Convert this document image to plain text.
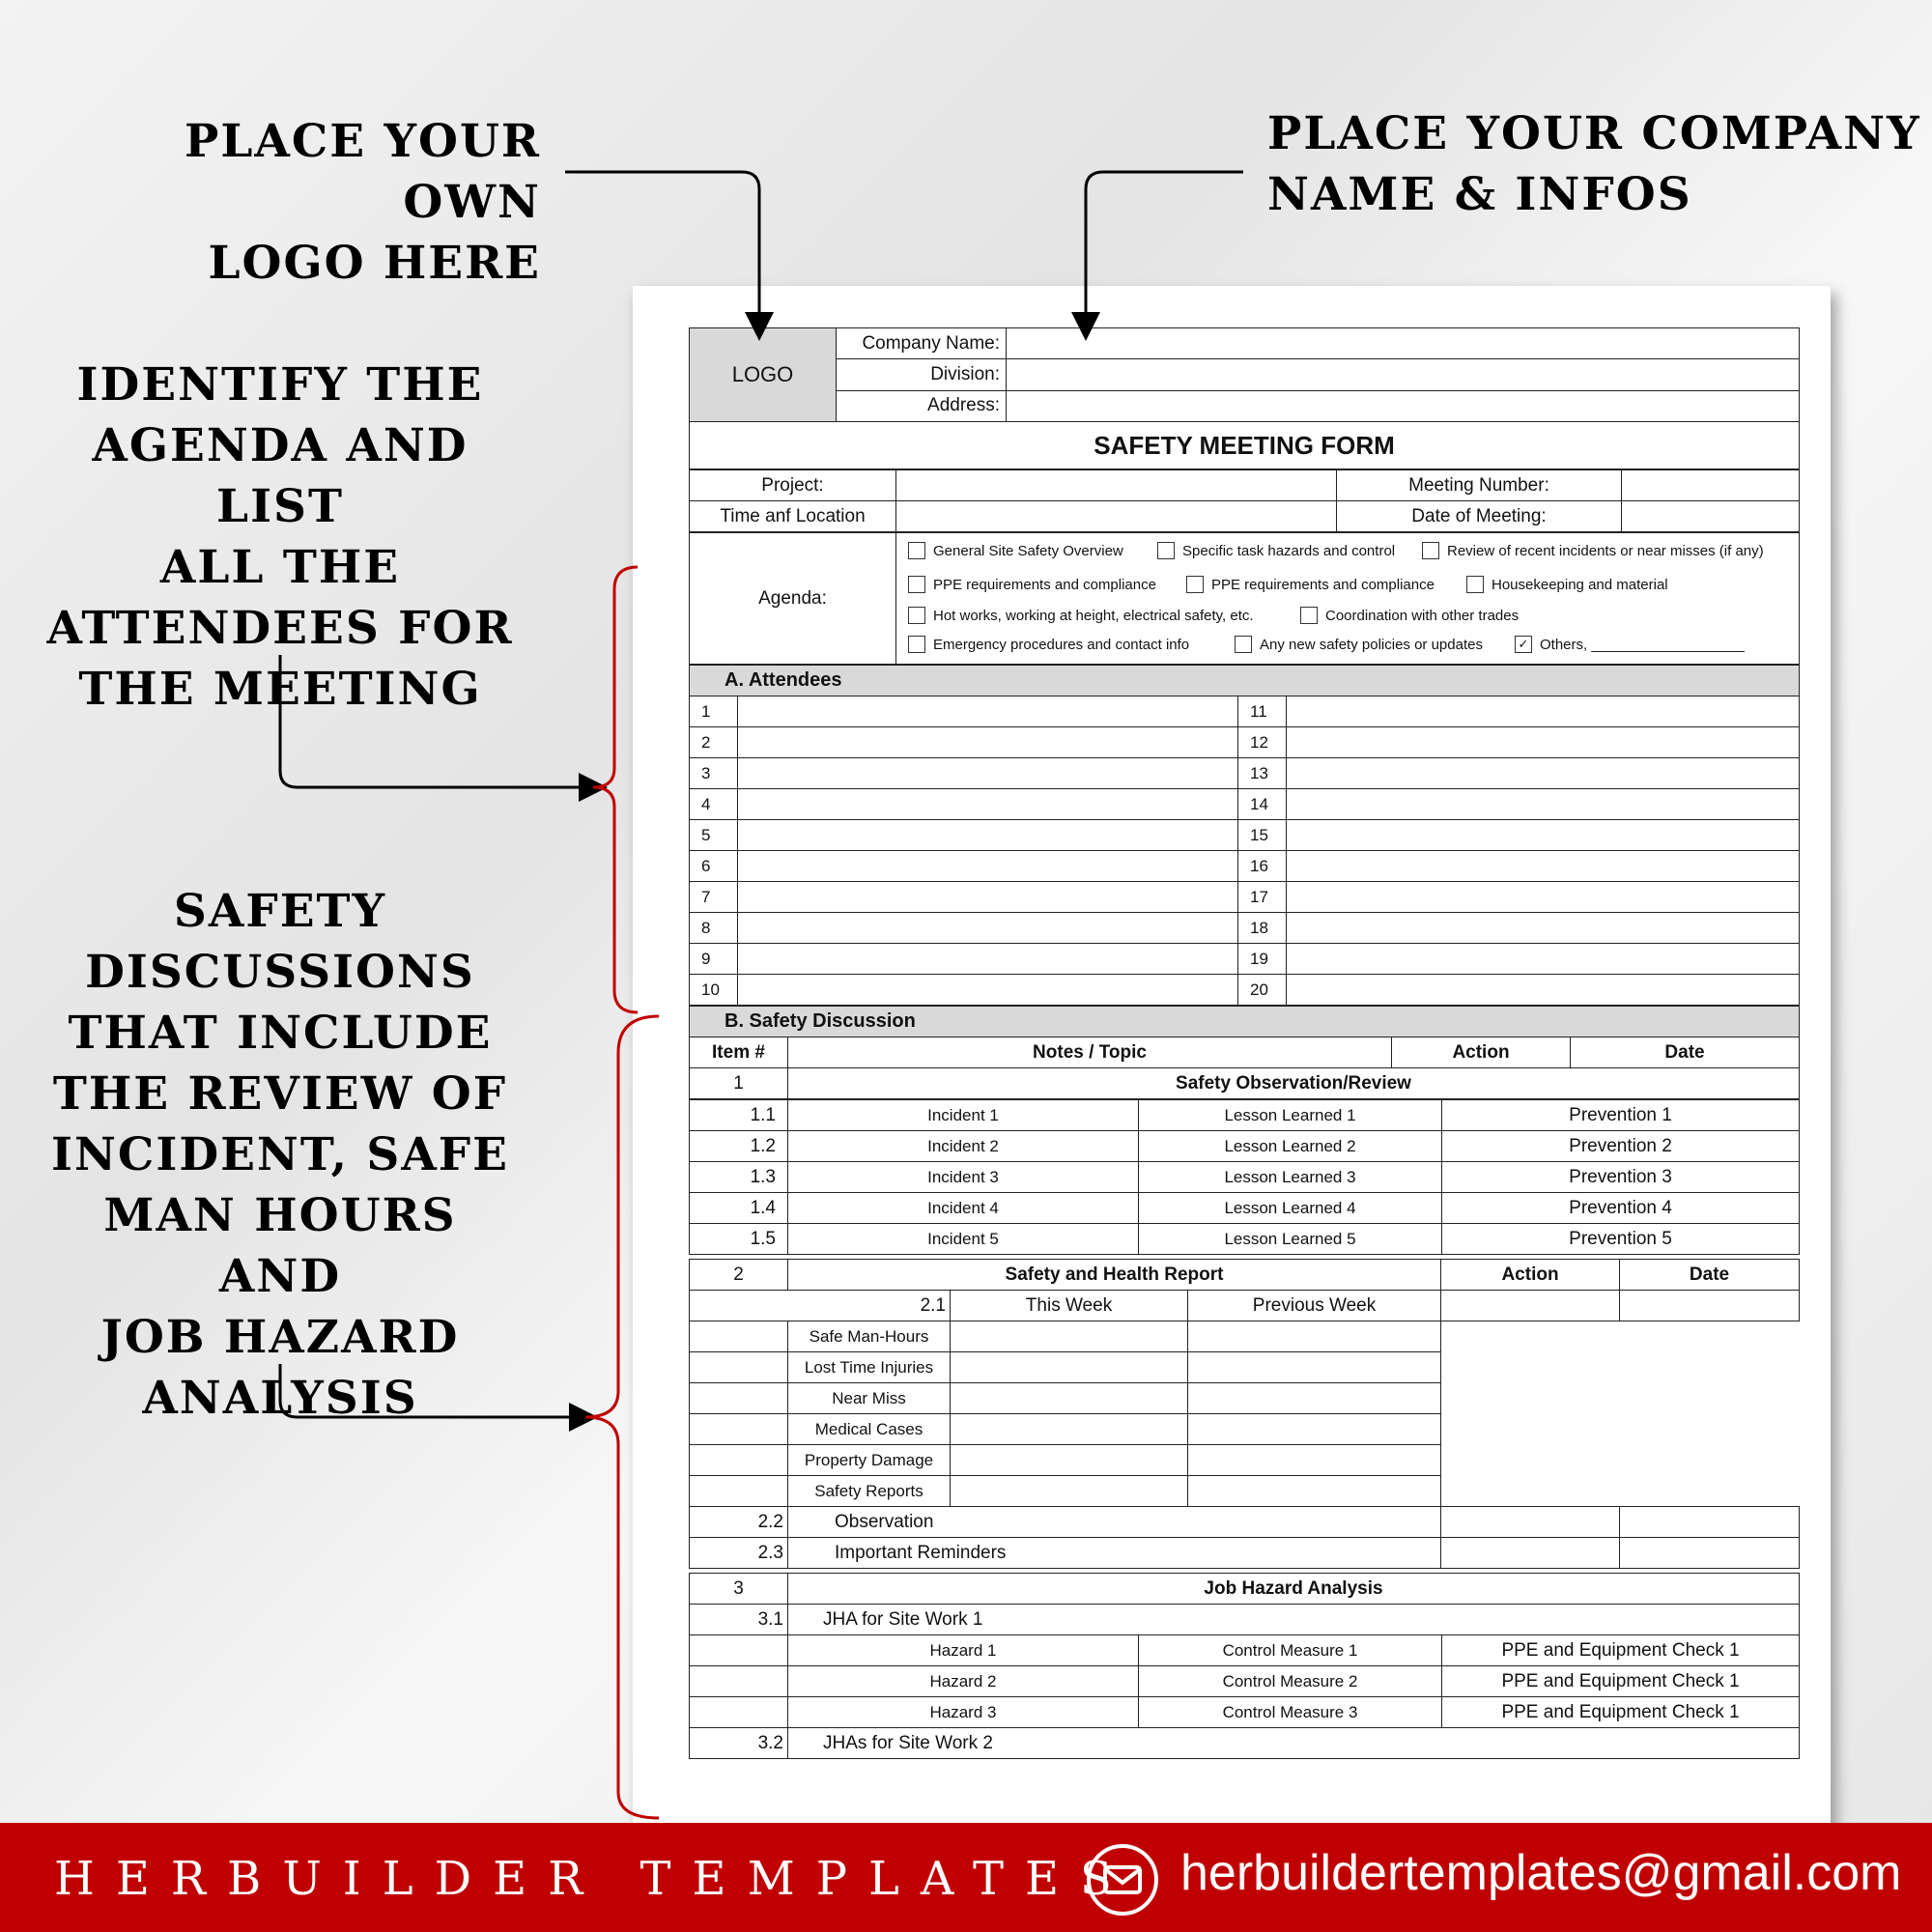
PLACE YOUR OWN
LOGO HERE
PLACE YOUR COMPANY
NAME & INFOS
IDENTIFY THE
AGENDA AND LIST
ALL THE
ATTENDEES FOR
THE MEETING
SAFETY
DISCUSSIONS
THAT INCLUDE
THE REVIEW OF
INCIDENT, SAFE
MAN HOURS AND
JOB HAZARD
ANALYSIS
LOGO	Company Name:	
	Division:	
	Address:	
SAFETY MEETING FORM		
Project:		Meeting Number:	
Time anf Location		Date of Meeting:	
Agenda:	
General Site Safety Overview	Specific task hazards and control	Review of recent incidents or near misses (if any)
PPE requirements and compliance	PPE requirements and compliance	Housekeeping and material
Hot works, working at height, electrical safety, etc.	Coordination with other trades
Emergency procedures and contact info	Any new safety policies or updates	✓ Others, ___________________
A. Attendees			
1		11	
2		12	
3		13	
4		14	
5		15	
6		16	
7		17	
8		18	
9		19	
10		20	
B. Safety Discussion			
Item #	Notes / Topic	Action	Date
1	Safety Observation/Review		
1.1	Incident 1	Lesson Learned 1	Prevention 1
1.2	Incident 2	Lesson Learned 2	Prevention 2
1.3	Incident 3	Lesson Learned 3	Prevention 3
1.4	Incident 4	Lesson Learned 4	Prevention 4
1.5	Incident 5	Lesson Learned 5	Prevention 5
2	Safety and Health Report			Action	Date
2.1		This Week	Previous Week		
	Safe Man-Hours				
	Lost Time Injuries				
	Near Miss				
	Medical Cases				
	Property Damage				
	Safety Reports				
2.2	Observation				
2.3	Important Reminders				
3	Job Hazard Analysis		
3.1	JHA for Site Work 1		
	Hazard 1	Control Measure 1	PPE and Equipment Check 1
	Hazard 2	Control Measure 2	PPE and Equipment Check 1
	Hazard 3	Control Measure 3	PPE and Equipment Check 1
3.2	JHAs for Site Work 2		
HERBUILDER TEMPLATES herbuildertemplates@gmail.com
